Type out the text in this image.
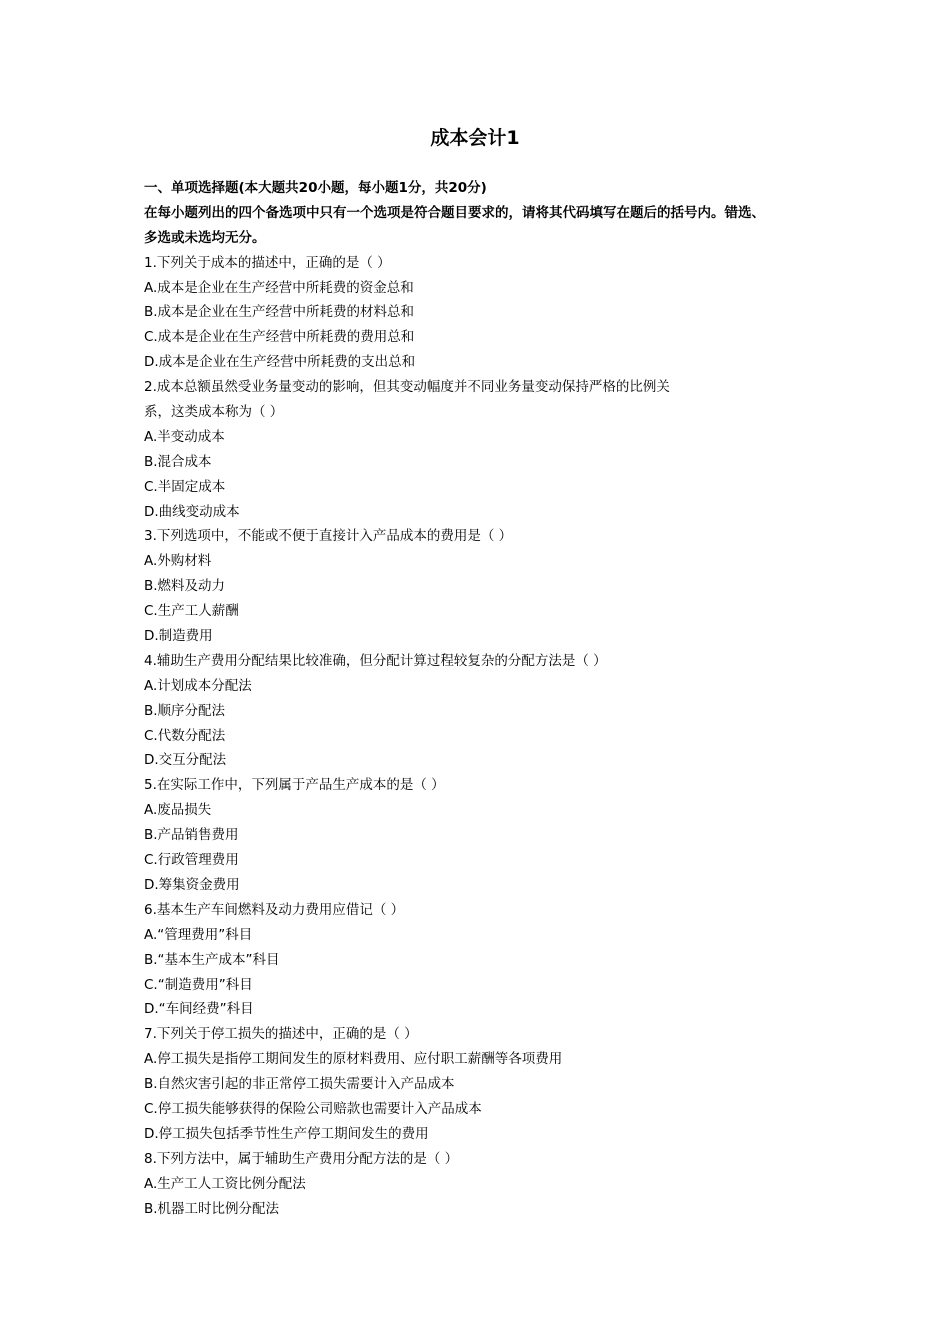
成本会计1
一、单项选择题(本大题共20小题，每小题1分，共20分)
在每小题列出的四个备选项中只有一个选项是符合题目要求的，请将其代码填写在题后的括号内。错选、
多选或未选均无分。
1.下列关于成本的描述中，正确的是（ ）
A.成本是企业在生产经营中所耗费的资金总和
B.成本是企业在生产经营中所耗费的材料总和
C.成本是企业在生产经营中所耗费的费用总和
D.成本是企业在生产经营中所耗费的支出总和
2.成本总额虽然受业务量变动的影响，但其变动幅度并不同业务量变动保持严格的比例关
系，这类成本称为（ ）
A.半变动成本
B.混合成本
C.半固定成本
D.曲线变动成本
3.下列选项中，不能或不便于直接计入产品成本的费用是（ ）
A.外购材料
B.燃料及动力
C.生产工人薪酬
D.制造费用
4.辅助生产费用分配结果比较准确，但分配计算过程较复杂的分配方法是（ ）
A.计划成本分配法
B.顺序分配法
C.代数分配法
D.交互分配法
5.在实际工作中，下列属于产品生产成本的是（ ）
A.废品损失
B.产品销售费用
C.行政管理费用
D.筹集资金费用
6.基本生产车间燃料及动力费用应借记（ ）
A.“管理费用”科目
B.“基本生产成本”科目
C.“制造费用”科目
D.“车间经费”科目
7.下列关于停工损失的描述中，正确的是（ ）
A.停工损失是指停工期间发生的原材料费用、应付职工薪酬等各项费用
B.自然灾害引起的非正常停工损失需要计入产品成本
C.停工损失能够获得的保险公司赔款也需要计入产品成本
D.停工损失包括季节性生产停工期间发生的费用
8.下列方法中，属于辅助生产费用分配方法的是（ ）
A.生产工人工资比例分配法
B.机器工时比例分配法
